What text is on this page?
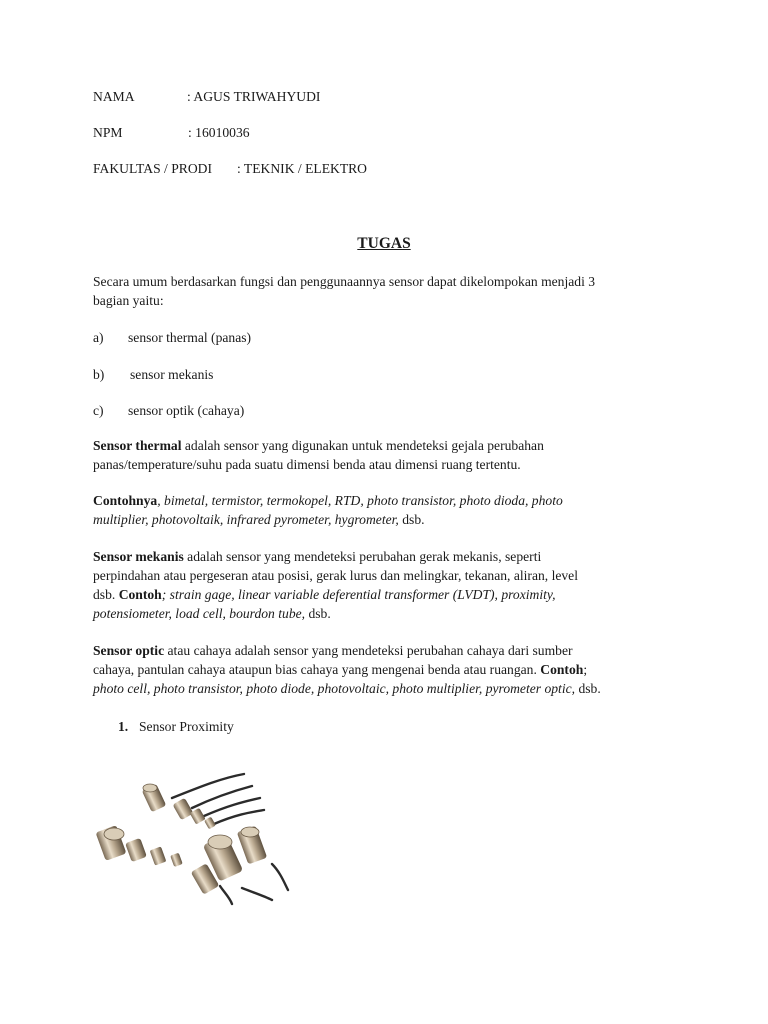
NAMA	: AGUS TRIWAHYUDI
NPM	: 16010036
FAKULTAS / PRODI : TEKNIK / ELEKTRO
TUGAS
Secara umum berdasarkan fungsi dan penggunaannya sensor dapat dikelompokan menjadi 3
bagian yaitu:
a) sensor thermal (panas)
b) sensor mekanis
c) sensor optik (cahaya)
Sensor thermal adalah sensor yang digunakan untuk mendeteksi gejala perubahan
panas/temperature/suhu pada suatu dimensi benda atau dimensi ruang tertentu.
Contohnya, bimetal, termistor, termokopel, RTD, photo transistor, photo dioda, photo
multiplier, photovoltaik, infrared pyrometer, hygrometer, dsb.
Sensor mekanis adalah sensor yang mendeteksi perubahan gerak mekanis, seperti
perpindahan atau pergeseran atau posisi, gerak lurus dan melingkar, tekanan, aliran, level
dsb. Contoh; strain gage, linear variable deferential transformer (LVDT), proximity,
potensiometer, load cell, bourdon tube, dsb.
Sensor optic atau cahaya adalah sensor yang mendeteksi perubahan cahaya dari sumber
cahaya, pantulan cahaya ataupun bias cahaya yang mengenai benda atau ruangan. Contoh;
photo cell, photo transistor, photo diode, photovoltaic, photo multiplier, pyrometer optic, dsb.
1. Sensor Proximity
